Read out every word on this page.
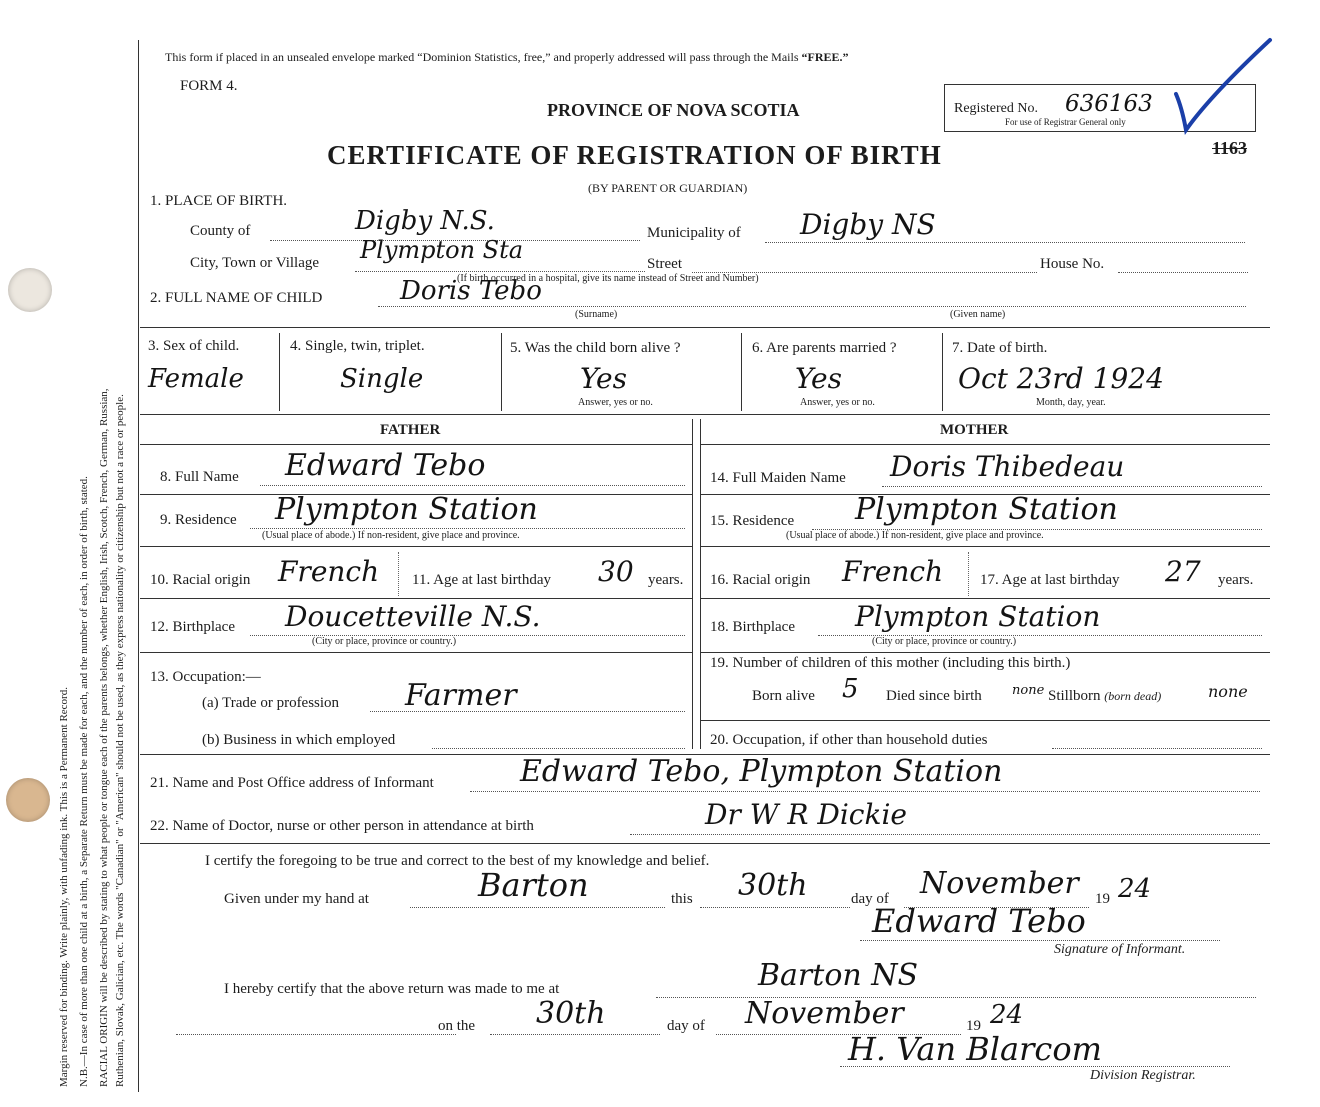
Margin reserved for binding. Write plainly, with unfading ink. This is a Permanent Record. N.B.—In case of more than one child at a birth, a Separate Return must be made for each, and the number of each, in order of birth, stated. RACIAL ORIGIN will be described by stating to what people or tongue each of the parents belongs, whether English, Irish, Scotch, French, German, Russian, Ruthenian, Slovak, Galician, etc. The words "Canadian" or "American" should not be used, as they express nationality or citizenship but not a race or people.
This form if placed in an unsealed envelope marked “Dominion Statistics, free,” and properly addressed will pass through the Mails “FREE.”
FORM 4.
PROVINCE OF NOVA SCOTIA
CERTIFICATE OF REGISTRATION OF BIRTH
(BY PARENT OR GUARDIAN)
Registered No. 636163
For use of Registrar General only
1163
1. PLACE OF BIRTH.
County of	Digby N.S.	Municipality of Digby NS
City, Town or Village Plympton Sta	Street	House No.
(If birth occurred in a hospital, give its name instead of Street and Number)
2. FULL NAME OF CHILD	Doris Tebo
(Surname)	(Given name)
3. Sex of child.
Female
4. Single, twin, triplet.
Single
5. Was the child born alive ?
Yes
Answer, yes or no.
6. Are parents married ?
Yes
Answer, yes or no.
7. Date of birth.
Oct 23rd 1924
Month, day, year.
FATHER	MOTHER
8. Full Name Edward Tebo
9. Residence Plympton Station
(Usual place of abode.) If non-resident, give place and province.
10. Racial origin French 11. Age at last birthday 30 years.
12. Birthplace Doucetteville N.S.
(City or place, province or country.)
13. Occupation:—
(a) Trade or profession Farmer
(b) Business in which employed
14. Full Maiden Name Doris Thibedeau
15. Residence Plympton Station
(Usual place of abode.) If non-resident, give place and province.
16. Racial origin French 17. Age at last birthday 27 years.
18. Birthplace Plympton Station
(City or place, province or country.)
19. Number of children of this mother (including this birth.)
Born alive 5 Died since birth none Stillborn (born dead)	none
20. Occupation, if other than household duties
21. Name and Post Office address of Informant	Edward Tebo, Plympton Station
22. Name of Doctor, nurse or other person in attendance at birth	Dr W R Dickie
I certify the foregoing to be true and correct to the best of my knowledge and belief.
Given under my hand at	Barton	this 30th	day of November 19 24
Edward Tebo
Signature of Informant.
I hereby certify that the above return was made to me at	Barton NS
on the 30th	day of November	19 24
H. Van Blarcom
Division Registrar.
